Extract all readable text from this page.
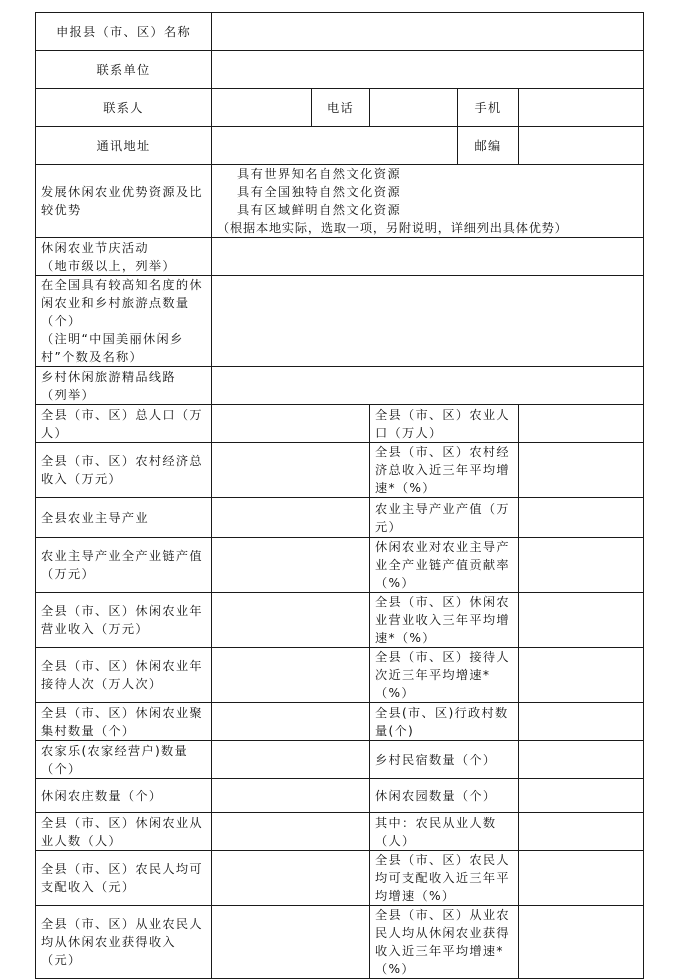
申报县（市、区）名称					
联系单位					
联系人		电话		手机	
通讯地址				邮编	
发展休闲农业优势资源及比较优势	具有世界知名自然文化资源
具有全国独特自然文化资源
具有区域鲜明自然文化资源
（根据本地实际，选取一项，另附说明，详细列出具体优势）				

休闲农业节庆活动
（地市级以上，列举）					

在全国具有较高知名度的休闲农业和乡村旅游点数量（个）
（注明“中国美丽休闲乡村”个数及名称）					

乡村休闲旅游精品线路
（列举）					

全县（市、区）总人口（万人）			全县（市、区）农业人口（万人）		
全县（市、区）农村经济总收入（万元）			全县（市、区）农村经济总收入近三年平均增速*（%）		
全县农业主导产业			农业主导产业产值（万元）		
农业主导产业全产业链产值（万元）			休闲农业对农业主导产业全产业链产值贡献率（%）		
全县（市、区）休闲农业年营业收入（万元）			全县（市、区）休闲农业营业收入三年平均增速*（%）		
全县（市、区）休闲农业年接待人次（万人次）			全县（市、区）接待人次近三年平均增速*（%）		
全县（市、区）休闲农业聚集村数量（个）			全县(市、区)行政村数量(个)		
农家乐(农家经营户)数量（个）			乡村民宿数量（个）		
休闲农庄数量（个）			休闲农园数量（个）		
全县（市、区）休闲农业从业人数（人）			其中：农民从业人数（人）		
全县（市、区）农民人均可支配收入（元）			全县（市、区）农民人均可支配收入近三年平均增速（%）		
全县（市、区）从业农民人均从休闲农业获得收入（元）			全县（市、区）从业农民人均从休闲农业获得收入近三年平均增速*（%）		
